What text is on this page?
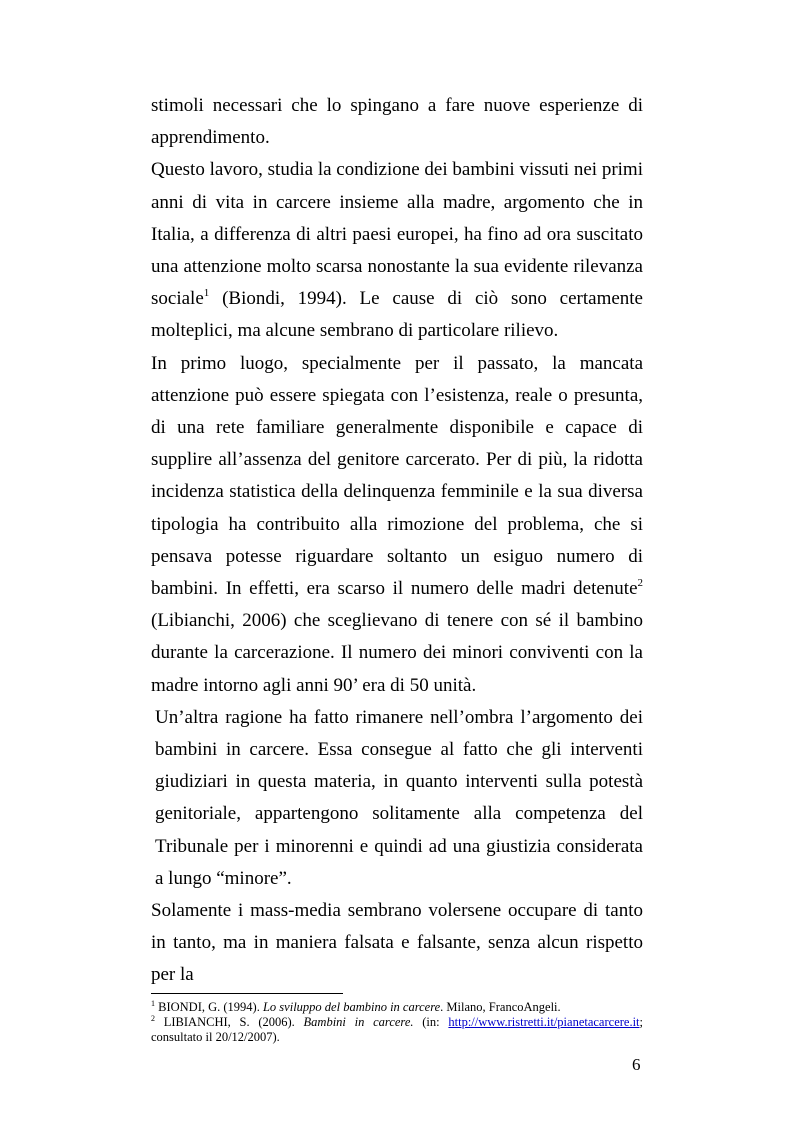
stimoli necessari che lo spingano a fare nuove esperienze di apprendimento.

Questo lavoro, studia la condizione dei bambini vissuti nei primi anni di vita in carcere insieme alla madre, argomento che in Italia, a differenza di altri paesi europei, ha fino ad ora suscitato una attenzione molto scarsa nonostante la sua evidente rilevanza sociale$^1$ (Biondi, 1994). Le cause di ciò sono certamente molteplici, ma alcune sembrano di particolare rilievo.

In primo luogo, specialmente per il passato, la mancata attenzione può essere spiegata con l’esistenza, reale o presunta, di una rete familiare generalmente disponibile e capace di supplire all’assenza del genitore carcerato. Per di più, la ridotta incidenza statistica della delinquenza femminile e la sua diversa tipologia ha contribuito alla rimozione del problema, che si pensava potesse riguardare soltanto un esiguo numero di bambini. In effetti, era scarso il numero delle madri detenute$^2$ (Libianchi, 2006) che sceglievano di tenere con sé il bambino durante la carcerazione. Il numero dei minori conviventi con la madre intorno agli anni 90’ era di 50 unità.

Un’altra ragione ha fatto rimanere nell’ombra l’argomento dei bambini in carcere. Essa consegue al fatto che gli interventi giudiziari in questa materia, in quanto interventi sulla potestà genitoriale, appartengono solitamente alla competenza del Tribunale per i minorenni e quindi ad una giustizia considerata a lungo “minore”.

Solamente i mass-media sembrano volersene occupare di tanto in tanto, ma in maniera falsata e falsante, senza alcun rispetto per la

$^1$ BIONDI, G. (1994). Lo sviluppo del bambino in carcere. Milano, FrancoAngeli.

$^2$ LIBIANCHI, S. (2006). Bambini in carcere. (in: http://www.ristretti.it/pianetacarcere.it; consultato il 20/12/2007).

6
